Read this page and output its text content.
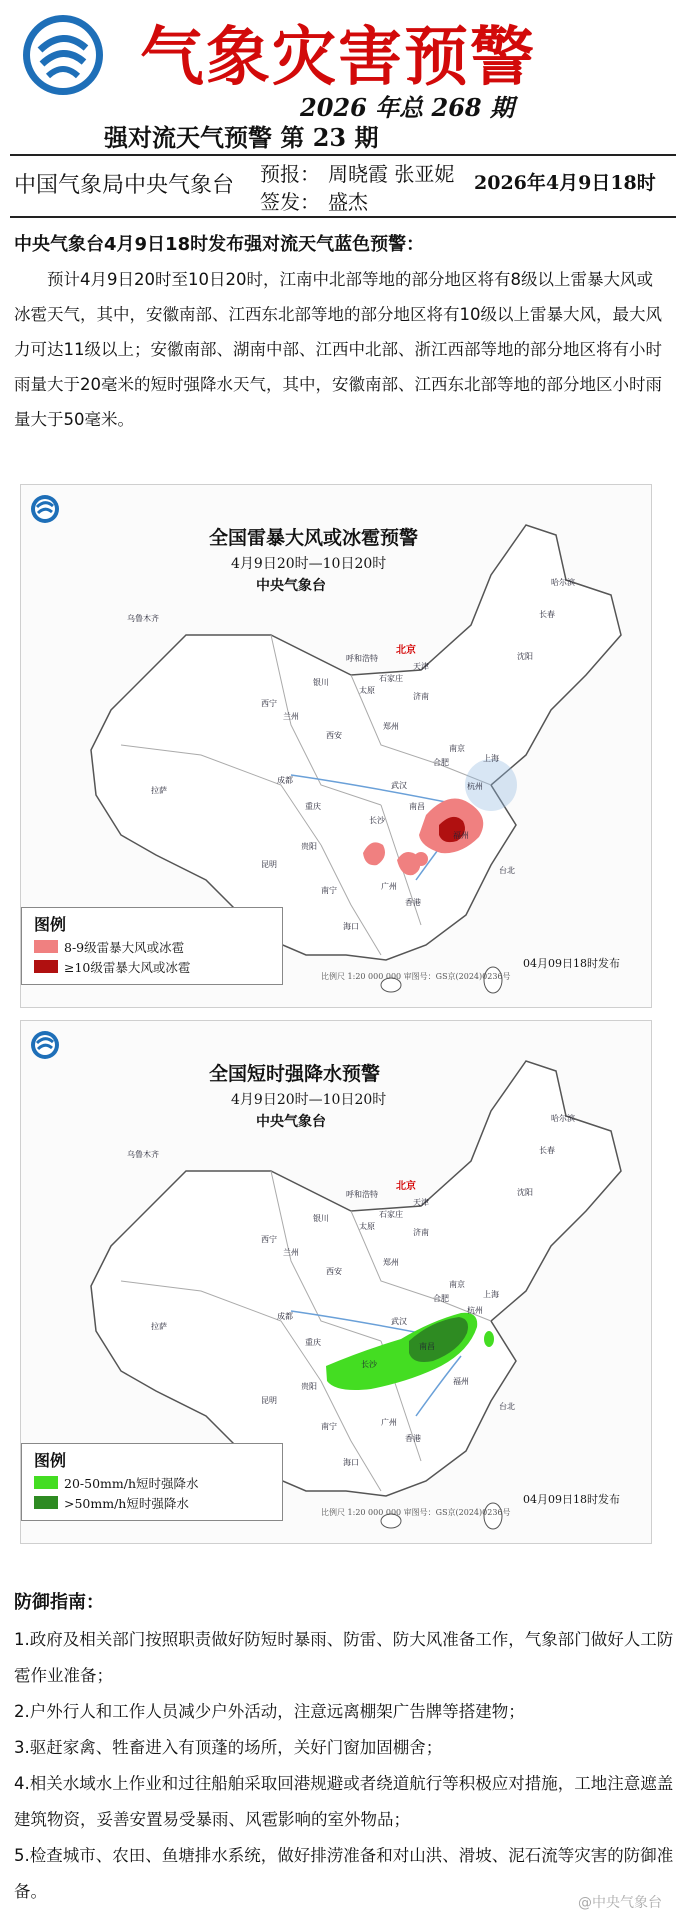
气象灾害预警
2026 年总 268 期
强对流天气预警 第 23 期
中国气象局中央气象台 预报： 周晓霞 张亚妮
签发： 盛杰
2026年4月9日18时
中央气象台4月9日18时发布强对流天气蓝色预警：
预计4月9日20时至10日20时，江南中北部等地的部分地区将有8级以上雷暴大风或冰雹天气，其中，安徽南部、江西东北部等地的部分地区将有10级以上雷暴大风，最大风力可达11级以上；安徽南部、湖南中部、江西中北部、浙江西部等地的部分地区将有小时雨量大于20毫米的短时强降水天气，其中，安徽南部、江西东北部等地的部分地区小时雨量大于50毫米。
全国雷暴大风或冰雹预警
4月9日20时—10日20时
中央气象台
北京
乌鲁木齐
拉萨
西宁
兰州
银川
呼和浩特
太原
石家庄
天津
济南
郑州
西安
成都
重庆
武汉
合肥
南京
上海
杭州
长沙
南昌
福州
贵阳
昆明
南宁	广州
海口
沈阳
长春
哈尔滨
台北
香港
图例
8-9级雷暴大风或冰雹
≥10级雷暴大风或冰雹	04月09日18时发布
比例尺 1:20 000 000 审图号：GS京(2024)0236号
全国短时强降水预警
4月9日20时—10日20时
中央气象台
北京
乌鲁木齐
拉萨
西宁
兰州
银川
呼和浩特
太原
石家庄
天津
济南
郑州
西安
成都
重庆
武汉
合肥
南京
上海
杭州
长沙
南昌
福州
贵阳
昆明
南宁	广州
海口
沈阳
长春
哈尔滨
台北
香港
图例
20-50mm/h短时强降水
>50mm/h短时强降水	04月09日18时发布
比例尺 1:20 000 000 审图号：GS京(2024)0236号
防御指南：
1.政府及相关部门按照职责做好防短时暴雨、防雷、防大风准备工作，气象部门做好人工防雹作业准备；
2.户外行人和工作人员减少户外活动，注意远离棚架广告牌等搭建物；
3.驱赶家禽、牲畜进入有顶蓬的场所，关好门窗加固棚舍；
4.相关水域水上作业和过往船舶采取回港规避或者绕道航行等积极应对措施，工地注意遮盖建筑物资，妥善安置易受暴雨、风雹影响的室外物品；
5.检查城市、农田、鱼塘排水系统，做好排涝准备和对山洪、滑坡、泥石流等灾害的防御准备。
@中央气象台
